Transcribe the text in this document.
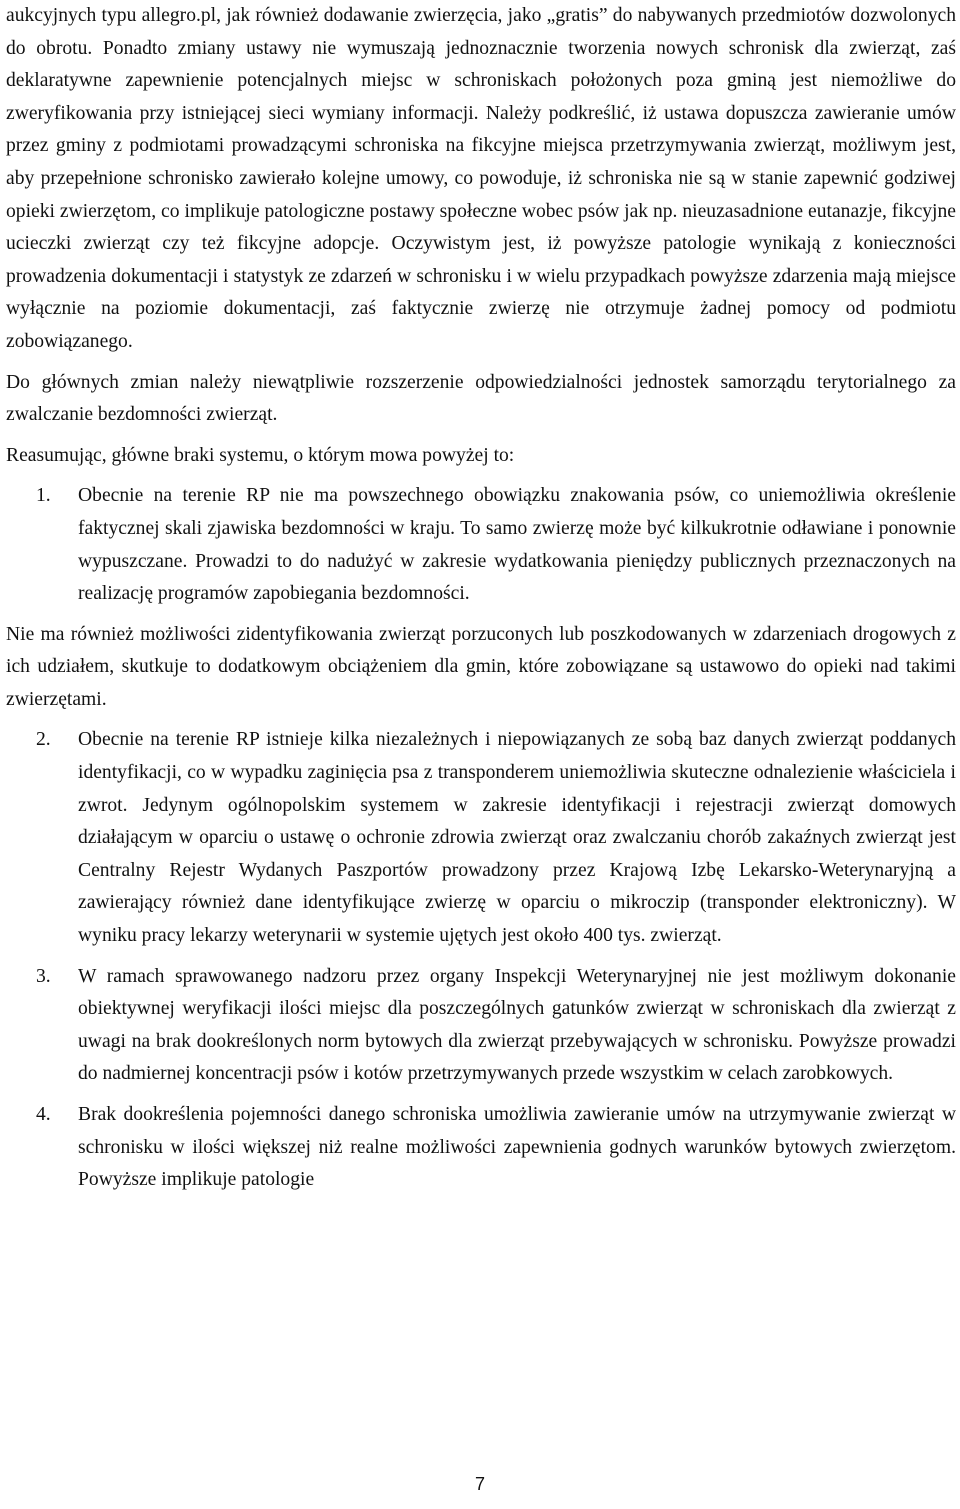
aukcyjnych typu allegro.pl, jak również dodawanie zwierzęcia, jako „gratis” do nabywanych przedmiotów dozwolonych do obrotu. Ponadto zmiany ustawy nie wymuszają jednoznacznie tworzenia nowych schronisk dla zwierząt, zaś deklaratywne zapewnienie potencjalnych miejsc w schroniskach położonych poza gminą jest niemożliwe do zweryfikowania przy istniejącej sieci wymiany informacji. Należy podkreślić, iż ustawa dopuszcza zawieranie umów przez gminy z podmiotami prowadzącymi schroniska na fikcyjne miejsca przetrzymywania zwierząt, możliwym jest, aby przepełnione schronisko zawierało kolejne umowy, co powoduje, iż schroniska nie są w stanie zapewnić godziwej opieki zwierzętom, co implikuje patologiczne postawy społeczne wobec psów jak np. nieuzasadnione eutanazje, fikcyjne ucieczki zwierząt czy też fikcyjne adopcje. Oczywistym jest, iż powyższe patologie wynikają z konieczności prowadzenia dokumentacji i statystyk ze zdarzeń w schronisku i w wielu przypadkach powyższe zdarzenia mają miejsce wyłącznie na poziomie dokumentacji, zaś faktycznie zwierzę nie otrzymuje żadnej pomocy od podmiotu zobowiązanego.

Do głównych zmian należy niewątpliwie rozszerzenie odpowiedzialności jednostek samorządu terytorialnego za zwalczanie bezdomności zwierząt.

Reasumując, główne braki systemu, o którym mowa powyżej to:

1. Obecnie na terenie RP nie ma powszechnego obowiązku znakowania psów, co uniemożliwia określenie faktycznej skali zjawiska bezdomności w kraju. To samo zwierzę może być kilkukrotnie odławiane i ponownie wypuszczane. Prowadzi to do nadużyć w zakresie wydatkowania pieniędzy publicznych przeznaczonych na realizację programów zapobiegania bezdomności.

Nie ma również możliwości zidentyfikowania zwierząt porzuconych lub poszkodowanych w zdarzeniach drogowych z ich udziałem, skutkuje to dodatkowym obciążeniem dla gmin, które zobowiązane są ustawowo do opieki nad takimi zwierzętami.

2. Obecnie na terenie RP istnieje kilka niezależnych i niepowiązanych ze sobą baz danych zwierząt poddanych identyfikacji, co w wypadku zaginięcia psa z transponderem uniemożliwia skuteczne odnalezienie właściciela i zwrot. Jedynym ogólnopolskim systemem w zakresie identyfikacji i rejestracji zwierząt domowych działającym w oparciu o ustawę o ochronie zdrowia zwierząt oraz zwalczaniu chorób zakaźnych zwierząt jest Centralny Rejestr Wydanych Paszportów prowadzony przez Krajową Izbę Lekarsko-Weterynaryjną a zawierający również dane identyfikujące zwierzę w oparciu o mikroczip (transponder elektroniczny). W wyniku pracy lekarzy weterynarii w systemie ujętych jest około 400 tys. zwierząt.

3. W ramach sprawowanego nadzoru przez organy Inspekcji Weterynaryjnej nie jest możliwym dokonanie obiektywnej weryfikacji ilości miejsc dla poszczególnych gatunków zwierząt w schroniskach dla zwierząt z uwagi na brak dookreślonych norm bytowych dla zwierząt przebywających w schronisku. Powyższe prowadzi do nadmiernej koncentracji psów i kotów przetrzymywanych przede wszystkim w celach zarobkowych.

4. Brak dookreślenia pojemności danego schroniska umożliwia zawieranie umów na utrzymywanie zwierząt w schronisku w ilości większej niż realne możliwości zapewnienia godnych warunków bytowych zwierzętom. Powyższe implikuje patologie

7
